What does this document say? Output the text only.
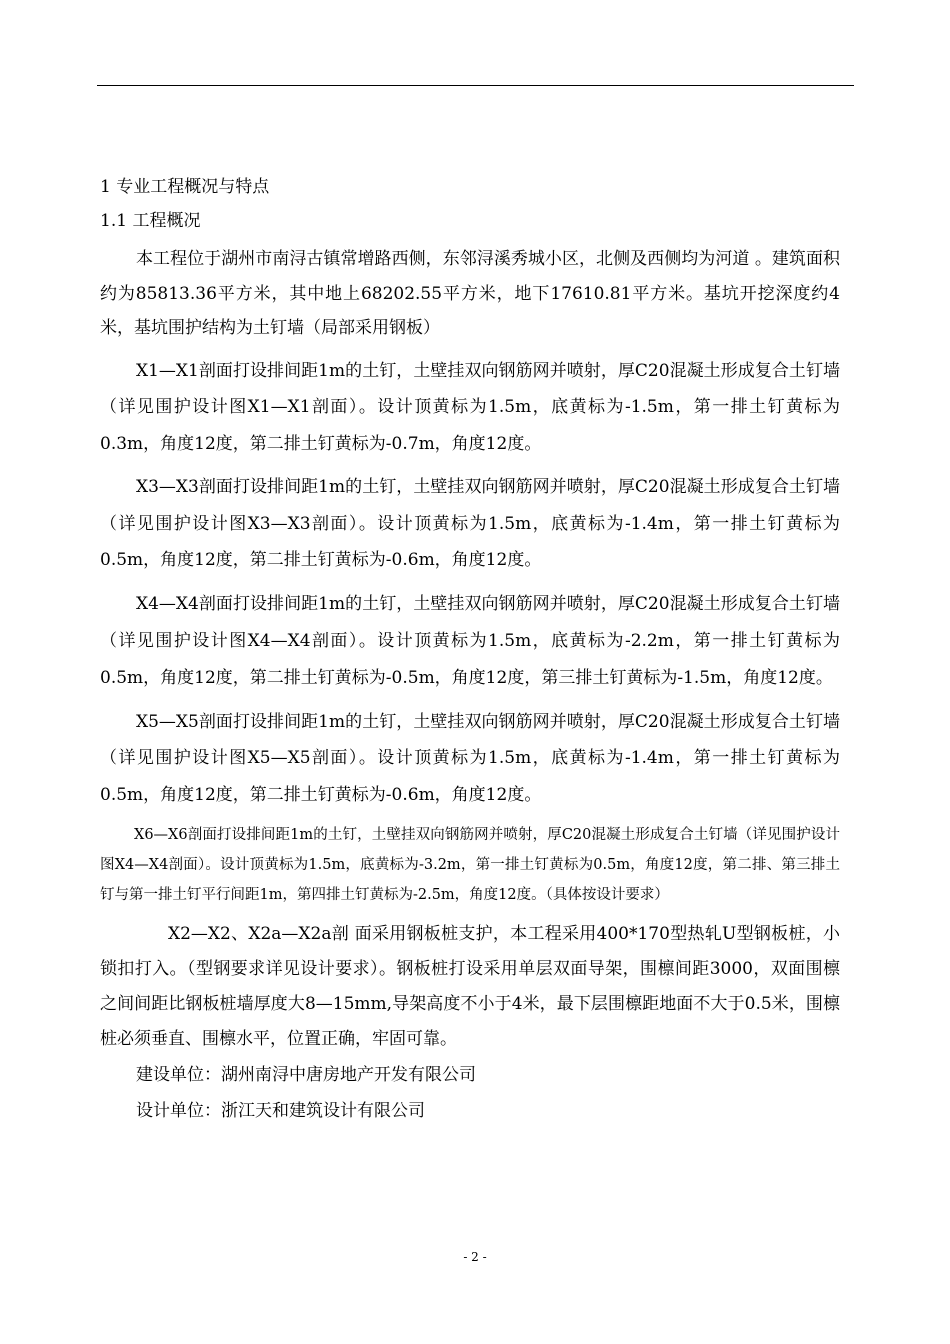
1 专业工程概况与特点

1.1 工程概况

本工程位于湖州市南浔古镇常增路西侧，东邻浔溪秀城小区，北侧及西侧均为河道 。建筑面积约为85813.36平方米，其中地上68202.55平方米，地下17610.81平方米。基坑开挖深度约4米，基坑围护结构为土钉墙（局部采用钢板）

X1—X1剖面打设排间距1m的土钉，土壁挂双向钢筋网并喷射，厚C20混凝土形成复合土钉墙（详见围护设计图X1—X1剖面）。设计顶黄标为1.5m，底黄标为-1.5m，第一排土钉黄标为0.3m，角度12度，第二排土钉黄标为-0.7m，角度12度。

X3—X3剖面打设排间距1m的土钉，土壁挂双向钢筋网并喷射，厚C20混凝土形成复合土钉墙（详见围护设计图X3—X3剖面）。设计顶黄标为1.5m，底黄标为-1.4m，第一排土钉黄标为0.5m，角度12度，第二排土钉黄标为-0.6m，角度12度。

X4—X4剖面打设排间距1m的土钉，土壁挂双向钢筋网并喷射，厚C20混凝土形成复合土钉墙（详见围护设计图X4—X4剖面）。设计顶黄标为1.5m，底黄标为-2.2m，第一排土钉黄标为0.5m，角度12度，第二排土钉黄标为-0.5m，角度12度，第三排土钉黄标为-1.5m，角度12度。

X5—X5剖面打设排间距1m的土钉，土壁挂双向钢筋网并喷射，厚C20混凝土形成复合土钉墙（详见围护设计图X5—X5剖面）。设计顶黄标为1.5m，底黄标为-1.4m，第一排土钉黄标为0.5m，角度12度，第二排土钉黄标为-0.6m，角度12度。

X6—X6剖面打设排间距1m的土钉，土壁挂双向钢筋网并喷射，厚C20混凝土形成复合土钉墙（详见围护设计图X4—X4剖面）。设计顶黄标为1.5m，底黄标为-3.2m，第一排土钉黄标为0.5m，角度12度，第二排、第三排土钉与第一排土钉平行间距1m，第四排土钉黄标为-2.5m，角度12度。（具体按设计要求）

X2—X2、X2a—X2a剖 面采用钢板桩支护，本工程采用400*170型热轧U型钢板桩，小锁扣打入。（型钢要求详见设计要求）。钢板桩打设采用单层双面导架，围檩间距3000，双面围檩之间间距比钢板桩墙厚度大8—15mm,导架高度不小于4米，最下层围檩距地面不大于0.5米，围檩桩必须垂直、围檩水平，位置正确，牢固可靠。

建设单位：湖州南浔中唐房地产开发有限公司

设计单位：浙江天和建筑设计有限公司

- 2 -
